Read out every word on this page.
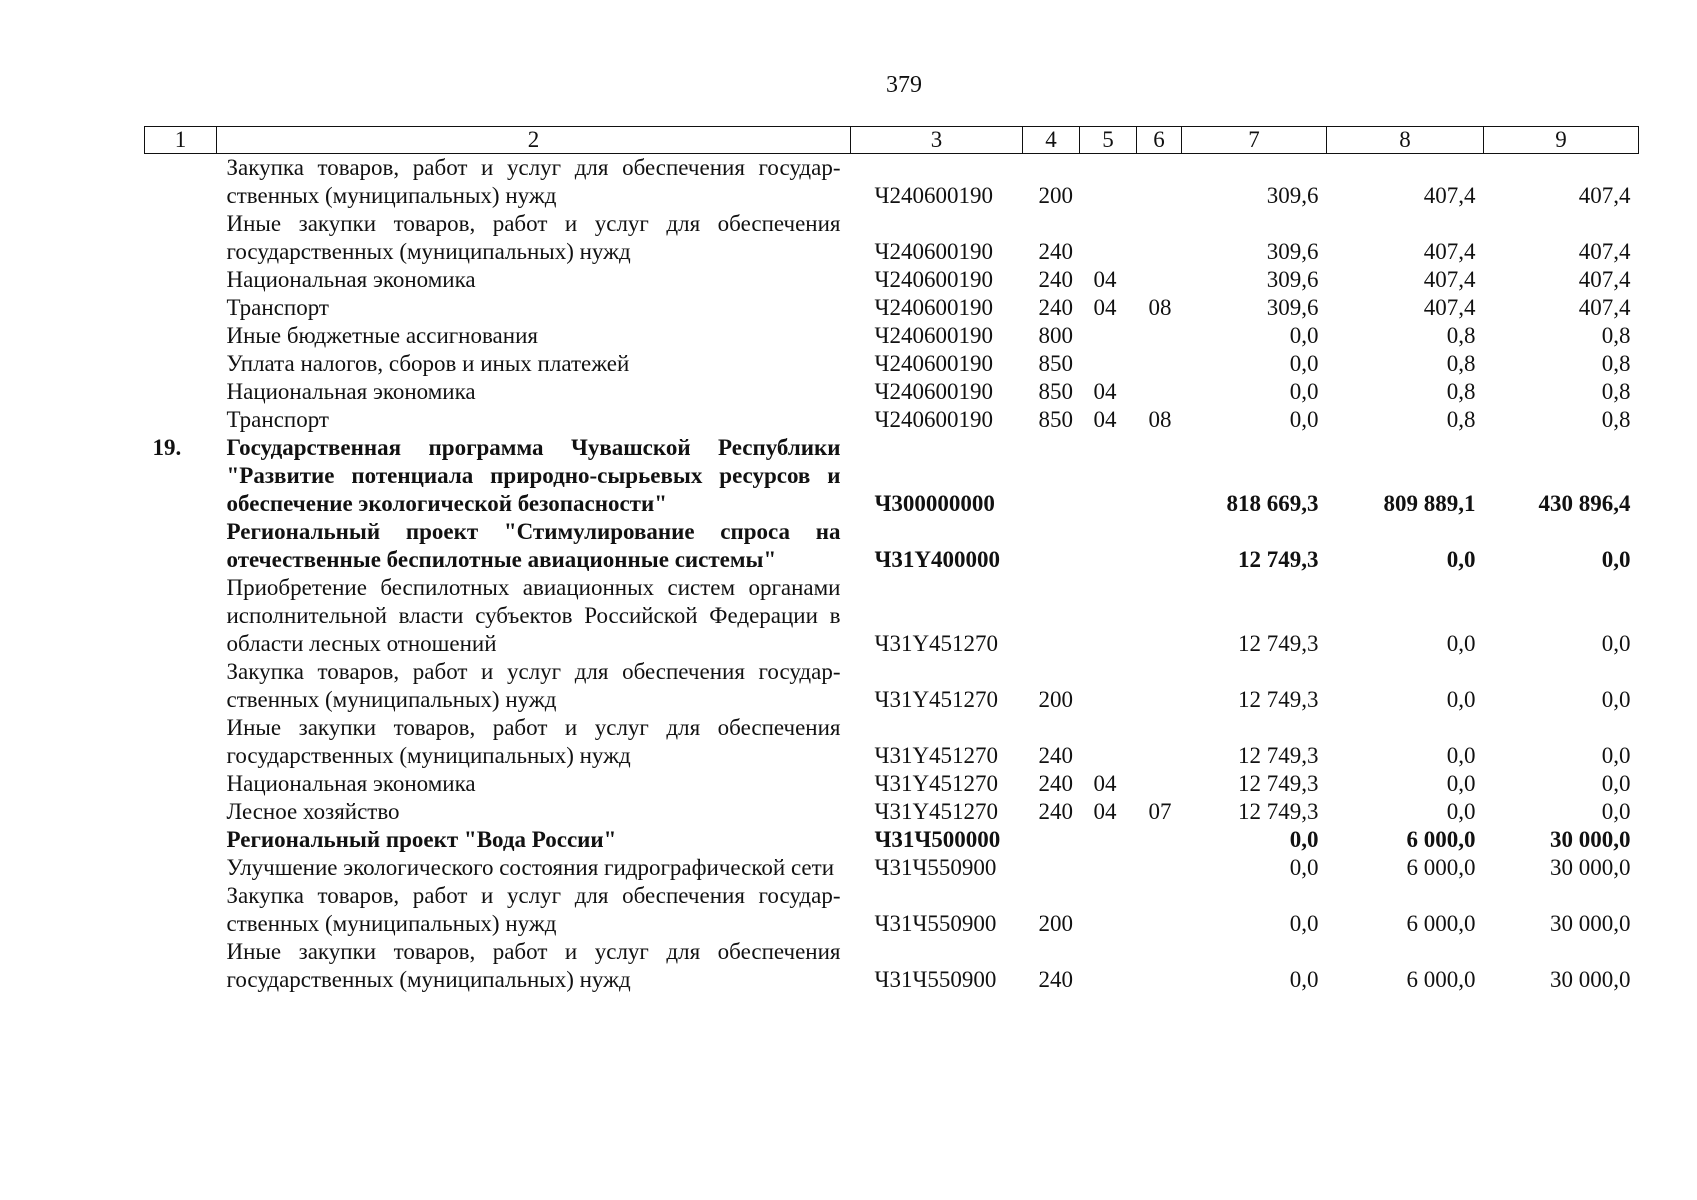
379
1	2	3	4	5	6	7	8	9
	Закупка товаров, работ и услуг для обеспечения государственных (муниципальных) нужд	Ч240600190	200			309,6	407,4	407,4
	Иные закупки товаров, работ и услуг для обеспечения государственных (муниципальных) нужд	Ч240600190	240			309,6	407,4	407,4
	Национальная экономика	Ч240600190	240	04		309,6	407,4	407,4
	Транспорт	Ч240600190	240	04	08	309,6	407,4	407,4
	Иные бюджетные ассигнования	Ч240600190	800			0,0	0,8	0,8
	Уплата налогов, сборов и иных платежей	Ч240600190	850			0,0	0,8	0,8
	Национальная экономика	Ч240600190	850	04		0,0	0,8	0,8
	Транспорт	Ч240600190	850	04	08	0,0	0,8	0,8
19.	Государственная программа Чувашской Республики "Развитие потенциала природно-сырьевых ресурсов и обеспечение экологической безопасности"	Ч300000000				818 669,3	809 889,1	430 896,4
	Региональный проект "Стимулирование спроса на отечественные беспилотные авиационные системы"	Ч31Y400000				12 749,3	0,0	0,0
	Приобретение беспилотных авиационных систем органами исполнительной власти субъектов Российской Федерации в области лесных отношений	Ч31Y451270				12 749,3	0,0	0,0
	Закупка товаров, работ и услуг для обеспечения государственных (муниципальных) нужд	Ч31Y451270	200			12 749,3	0,0	0,0
	Иные закупки товаров, работ и услуг для обеспечения государственных (муниципальных) нужд	Ч31Y451270	240			12 749,3	0,0	0,0
	Национальная экономика	Ч31Y451270	240	04		12 749,3	0,0	0,0
	Лесное хозяйство	Ч31Y451270	240	04	07	12 749,3	0,0	0,0
	Региональный проект "Вода России"	Ч31Ч500000				0,0	6 000,0	30 000,0
	Улучшение экологического состояния гидрографической сети	Ч31Ч550900				0,0	6 000,0	30 000,0
	Закупка товаров, работ и услуг для обеспечения государственных (муниципальных) нужд	Ч31Ч550900	200			0,0	6 000,0	30 000,0
	Иные закупки товаров, работ и услуг для обеспечения государственных (муниципальных) нужд	Ч31Ч550900	240			0,0	6 000,0	30 000,0
